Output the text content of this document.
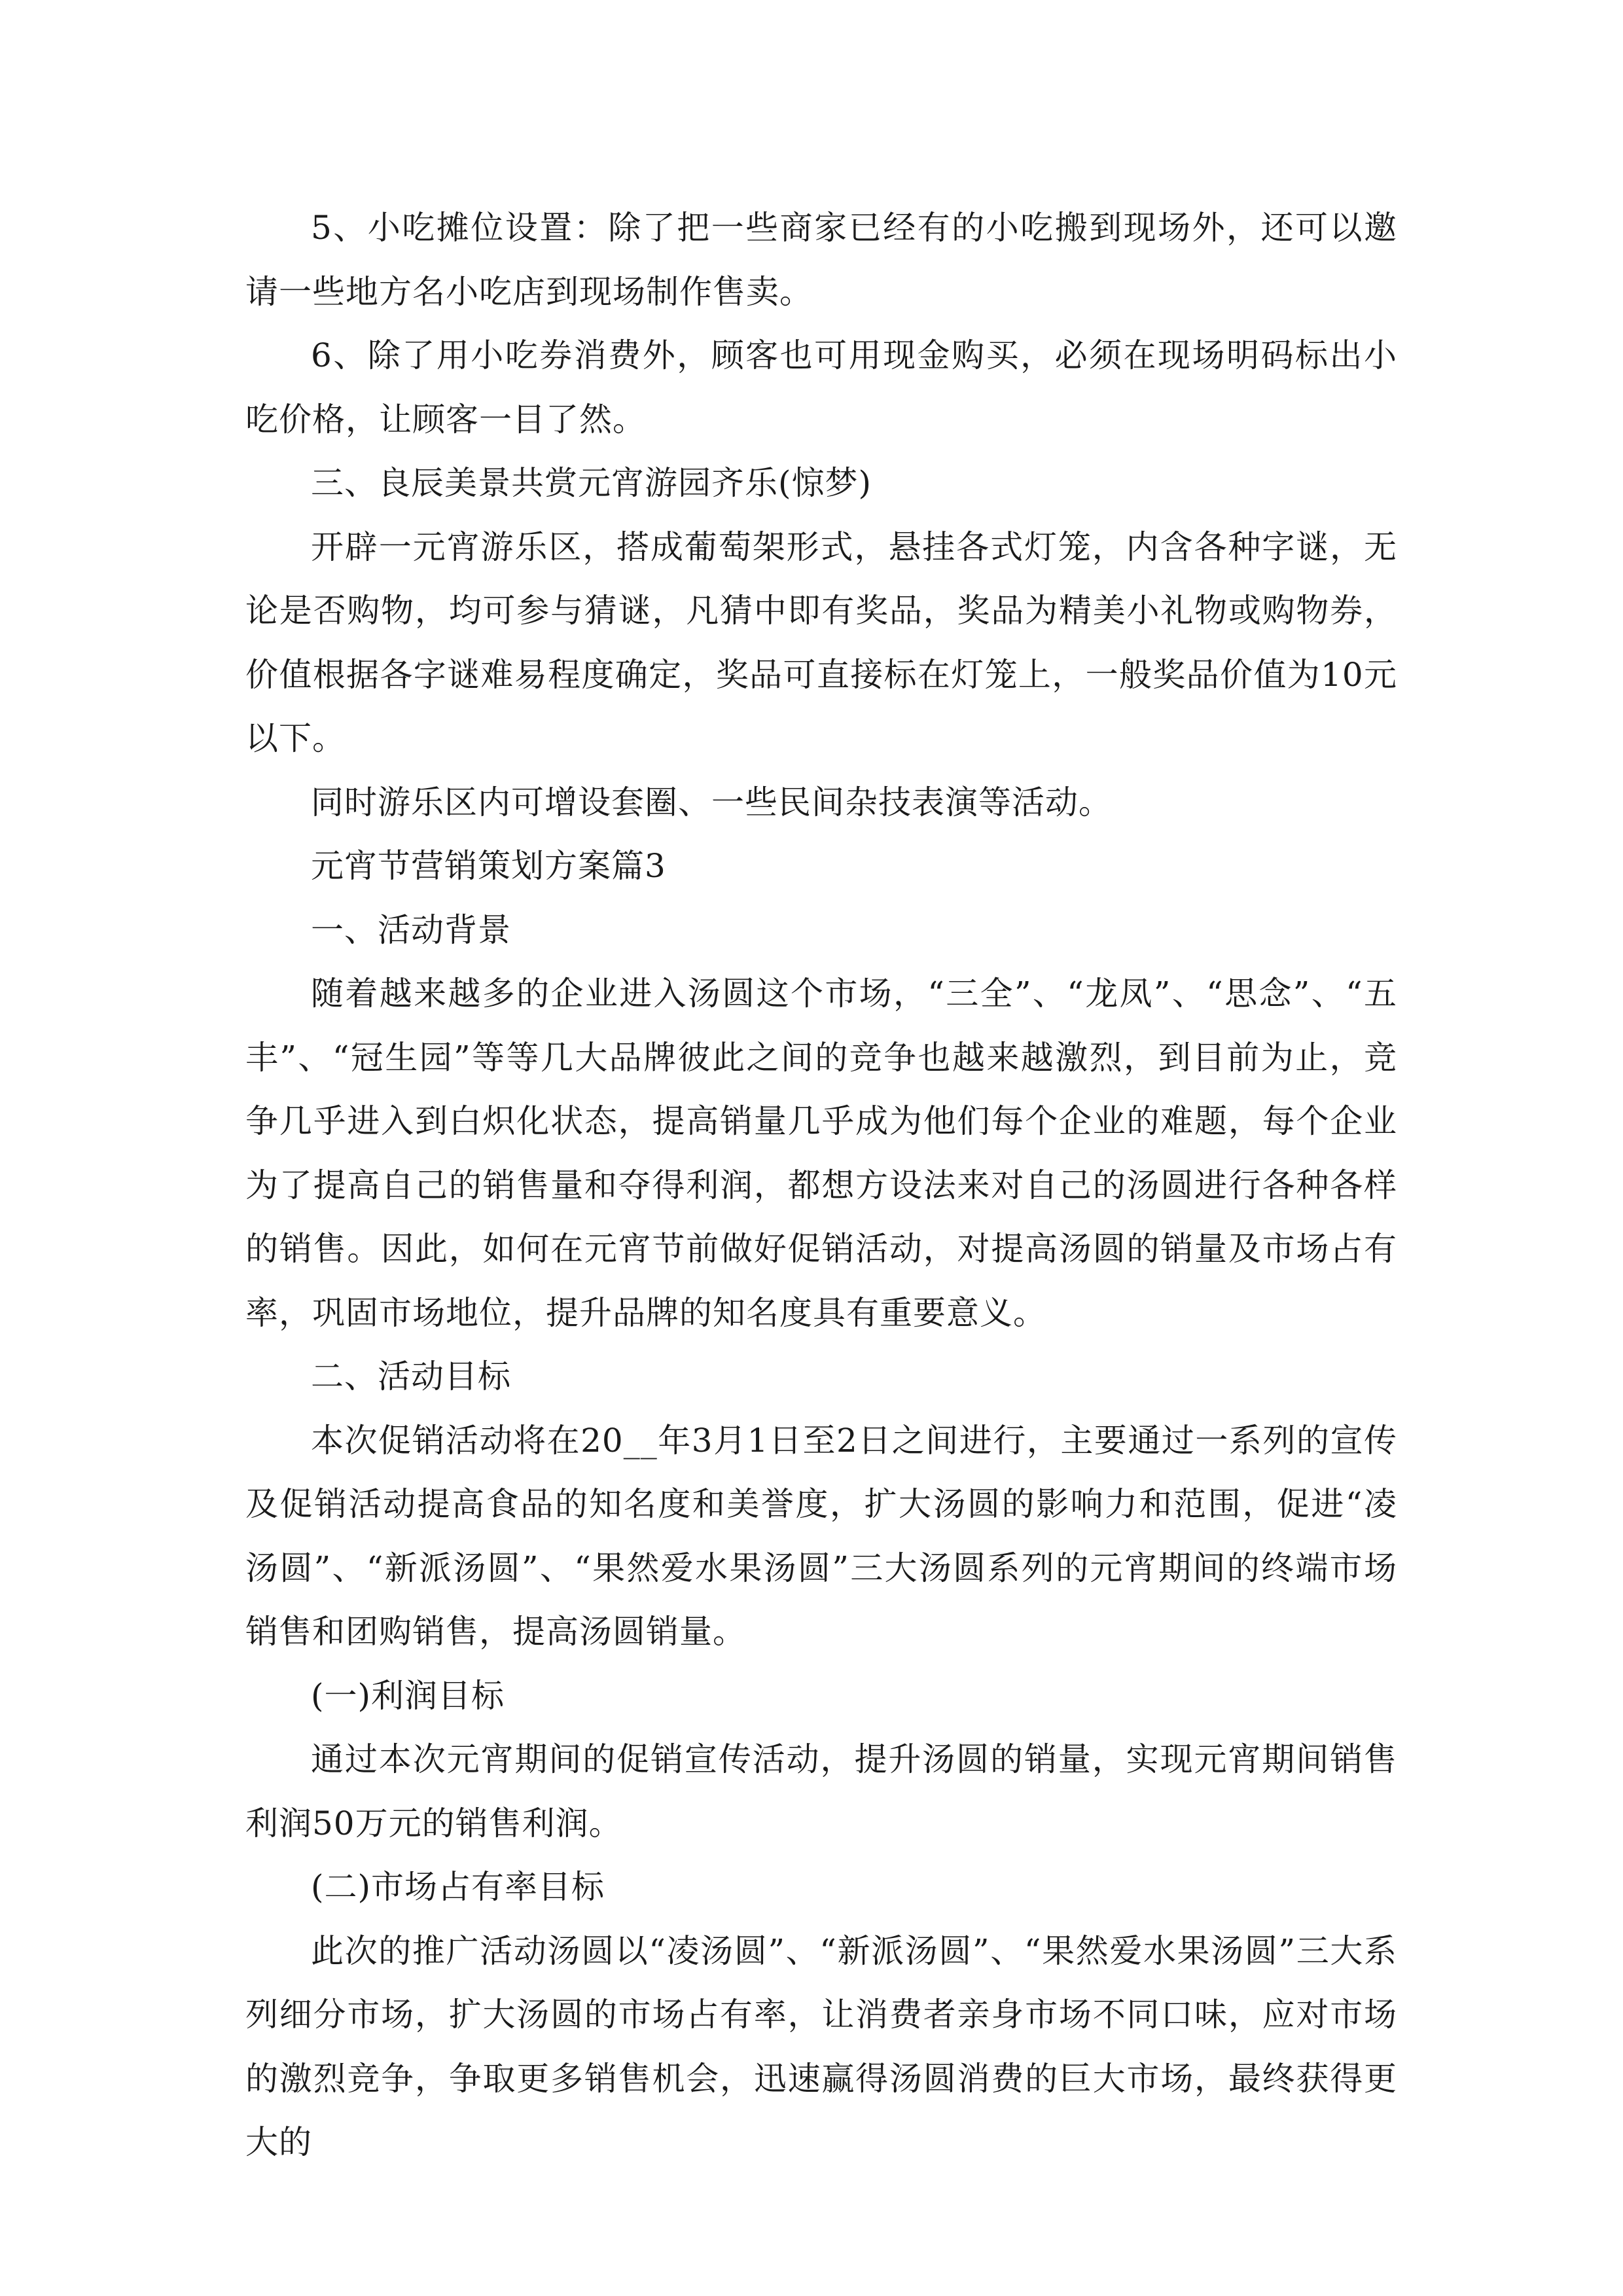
5、小吃摊位设置：除了把一些商家已经有的小吃搬到现场外，还可以邀请一些地方名小吃店到现场制作售卖。

6、除了用小吃券消费外，顾客也可用现金购买，必须在现场明码标出小吃价格，让顾客一目了然。

三、良辰美景共赏元宵游园齐乐(惊梦)

开辟一元宵游乐区，搭成葡萄架形式，悬挂各式灯笼，内含各种字谜，无论是否购物，均可参与猜谜，凡猜中即有奖品，奖品为精美小礼物或购物券，价值根据各字谜难易程度确定，奖品可直接标在灯笼上，一般奖品价值为10元以下。

同时游乐区内可增设套圈、一些民间杂技表演等活动。

元宵节营销策划方案篇3

一、活动背景

随着越来越多的企业进入汤圆这个市场，“三全”、“龙凤”、“思念”、“五丰”、“冠生园”等等几大品牌彼此之间的竞争也越来越激烈，到目前为止，竞争几乎进入到白炽化状态，提高销量几乎成为他们每个企业的难题，每个企业为了提高自己的销售量和夺得利润，都想方设法来对自己的汤圆进行各种各样的销售。因此，如何在元宵节前做好促销活动，对提高汤圆的销量及市场占有率，巩固市场地位，提升品牌的知名度具有重要意义。

二、活动目标

本次促销活动将在20__年3月1日至2日之间进行，主要通过一系列的宣传及促销活动提高食品的知名度和美誉度，扩大汤圆的影响力和范围，促进“凌汤圆”、“新派汤圆”、“果然爱水果汤圆”三大汤圆系列的元宵期间的终端市场销售和团购销售，提高汤圆销量。

(一)利润目标

通过本次元宵期间的促销宣传活动，提升汤圆的销量，实现元宵期间销售利润50万元的销售利润。

(二)市场占有率目标

此次的推广活动汤圆以“凌汤圆”、“新派汤圆”、“果然爱水果汤圆”三大系列细分市场，扩大汤圆的市场占有率，让消费者亲身市场不同口味，应对市场的激烈竞争，争取更多销售机会，迅速赢得汤圆消费的巨大市场，最终获得更大的
